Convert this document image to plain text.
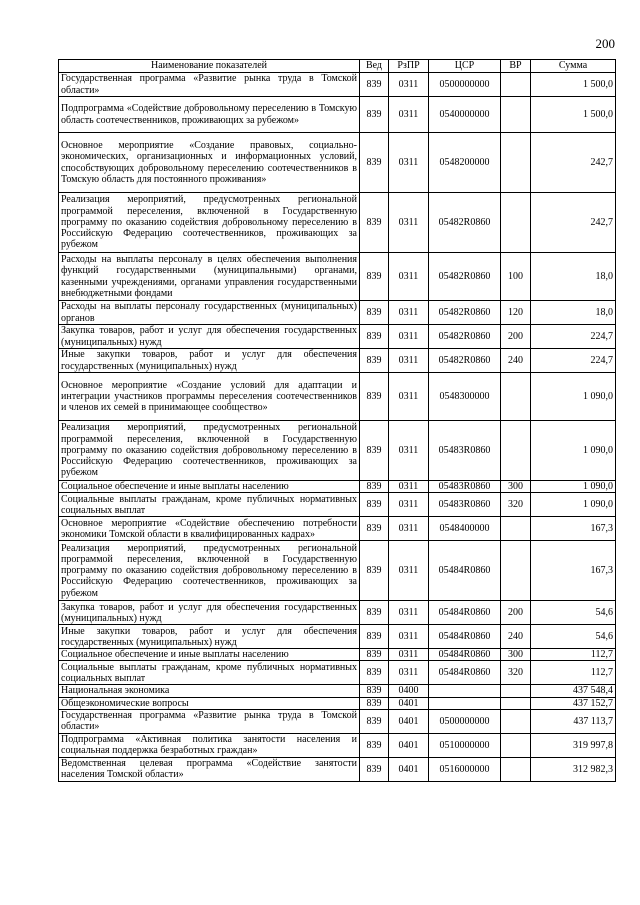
200
Наименование показателей	Вед	РзПР	ЦСР	ВР	Сумма
Государственная программа «Развитие рынка труда в Томской области»	839	0311	0500000000		1 500,0
Подпрограмма «Содействие добровольному переселению в Томскую область соотечественников, проживающих за рубежом»	839	0311	0540000000		1 500,0
Основное мероприятие «Создание правовых, социально-экономических, организационных и информационных условий, способствующих добровольному переселению соотечественников в Томскую область для постоянного проживания»	839	0311	0548200000		242,7
Реализация мероприятий, предусмотренных региональной программой переселения, включенной в Государственную программу по оказанию содействия добровольному переселению в Российскую Федерацию соотечественников, проживающих за рубежом	839	0311	05482R0860		242,7
Расходы на выплаты персоналу в целях обеспечения выполнения функций государственными (муниципальными) органами, казенными учреждениями, органами управления государственными внебюджетными фондами	839	0311	05482R0860	100	18,0
Расходы на выплаты персоналу государственных (муниципальных) органов	839	0311	05482R0860	120	18,0
Закупка товаров, работ и услуг для обеспечения государственных (муниципальных) нужд	839	0311	05482R0860	200	224,7
Иные закупки товаров, работ и услуг для обеспечения государственных (муниципальных) нужд	839	0311	05482R0860	240	224,7
Основное мероприятие «Создание условий для адаптации и интеграции участников программы переселения соотечественников и членов их семей в принимающее сообщество»	839	0311	0548300000		1 090,0
Реализация мероприятий, предусмотренных региональной программой переселения, включенной в Государственную программу по оказанию содействия добровольному переселению в Российскую Федерацию соотечественников, проживающих за рубежом	839	0311	05483R0860		1 090,0
Социальное обеспечение и иные выплаты населению	839	0311	05483R0860	300	1 090,0
Социальные выплаты гражданам, кроме публичных нормативных социальных выплат	839	0311	05483R0860	320	1 090,0
Основное мероприятие «Содействие обеспечению потребности экономики Томской области в квалифицированных кадрах»	839	0311	0548400000		167,3
Реализация мероприятий, предусмотренных региональной программой переселения, включенной в Государственную программу по оказанию содействия добровольному переселению в Российскую Федерацию соотечественников, проживающих за рубежом	839	0311	05484R0860		167,3
Закупка товаров, работ и услуг для обеспечения государственных (муниципальных) нужд	839	0311	05484R0860	200	54,6
Иные закупки товаров, работ и услуг для обеспечения государственных (муниципальных) нужд	839	0311	05484R0860	240	54,6
Социальное обеспечение и иные выплаты населению	839	0311	05484R0860	300	112,7
Социальные выплаты гражданам, кроме публичных нормативных социальных выплат	839	0311	05484R0860	320	112,7
Национальная экономика	839	0400			437 548,4
Общеэкономические вопросы	839	0401			437 152,7
Государственная программа «Развитие рынка труда в Томской области»	839	0401	0500000000		437 113,7
Подпрограмма «Активная политика занятости населения и социальная поддержка безработных граждан»	839	0401	0510000000		319 997,8
Ведомственная целевая программа «Содействие занятости населения Томской области»	839	0401	0516000000		312 982,3
